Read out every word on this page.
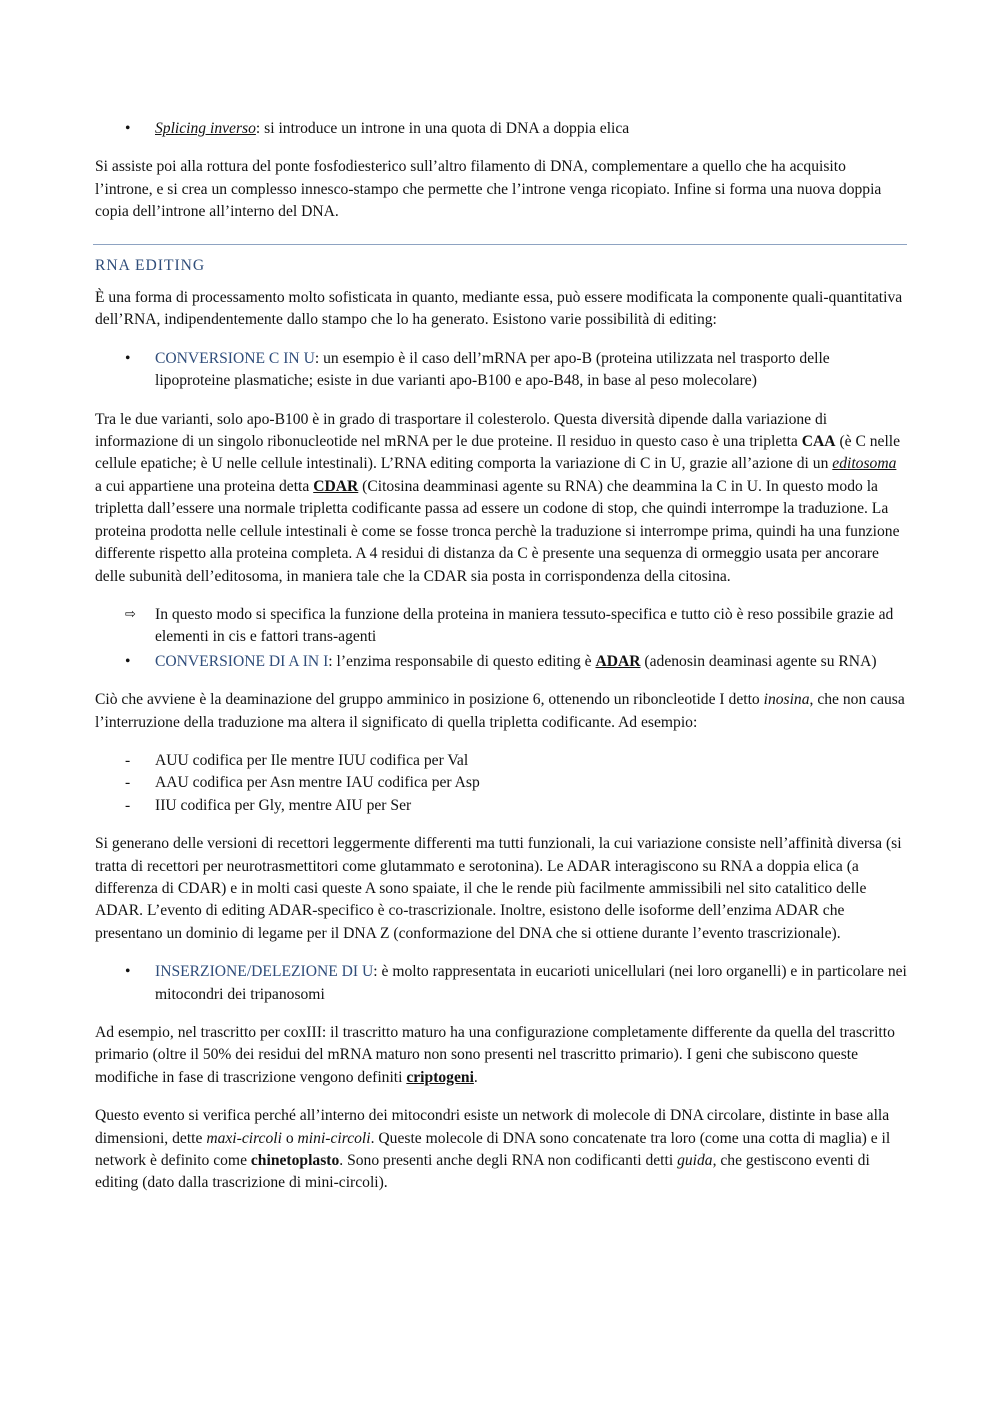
• Splicing inverso: si introduce un introne in una quota di DNA a doppia elica

Si assiste poi alla rottura del ponte fosfodiesterico sull’altro filamento di DNA, complementare a quello che ha acquisito l’introne, e si crea un complesso innesco-stampo che permette che l’introne venga ricopiato. Infine si forma una nuova doppia copia dell’introne all’interno del DNA.

RNA EDITING

È una forma di processamento molto sofisticata in quanto, mediante essa, può essere modificata la componente quali-quantitativa dell’RNA, indipendentemente dallo stampo che lo ha generato. Esistono varie possibilità di editing:

• CONVERSIONE C IN U: un esempio è il caso dell’mRNA per apo-B (proteina utilizzata nel trasporto delle lipoproteine plasmatiche; esiste in due varianti apo-B100 e apo-B48, in base al peso molecolare)

Tra le due varianti, solo apo-B100 è in grado di trasportare il colesterolo. Questa diversità dipende dalla variazione di informazione di un singolo ribonucleotide nel mRNA per le due proteine. Il residuo in questo caso è una tripletta CAA (è C nelle cellule epatiche; è U nelle cellule intestinali). L’RNA editing comporta la variazione di C in U, grazie all’azione di un editosoma a cui appartiene una proteina detta CDAR (Citosina deamminasi agente su RNA) che deammina la C in U. In questo modo la tripletta dall’essere una normale tripletta codificante passa ad essere un codone di stop, che quindi interrompe la traduzione. La proteina prodotta nelle cellule intestinali è come se fosse tronca perchè la traduzione si interrompe prima, quindi ha una funzione differente rispetto alla proteina completa. A 4 residui di distanza da C è presente una sequenza di ormeggio usata per ancorare delle subunità dell’editosoma, in maniera tale che la CDAR sia posta in corrispondenza della citosina.

⇨ In questo modo si specifica la funzione della proteina in maniera tessuto-specifica e tutto ciò è reso possibile grazie ad elementi in cis e fattori trans-agenti
• CONVERSIONE DI A IN I: l’enzima responsabile di questo editing è ADAR (adenosin deaminasi agente su RNA)

Ciò che avviene è la deaminazione del gruppo amminico in posizione 6, ottenendo un riboncleotide I detto inosina, che non causa l’interruzione della traduzione ma altera il significato di quella tripletta codificante. Ad esempio:

- AUU codifica per Ile mentre IUU codifica per Val
- AAU codifica per Asn mentre IAU codifica per Asp
- IIU codifica per Gly, mentre AIU per Ser

Si generano delle versioni di recettori leggermente differenti ma tutti funzionali, la cui variazione consiste nell’affinità diversa (si tratta di recettori per neurotrasmettitori come glutammato e serotonina). Le ADAR interagiscono su RNA a doppia elica (a differenza di CDAR) e in molti casi queste A sono spaiate, il che le rende più facilmente ammissibili nel sito catalitico delle ADAR. L’evento di editing ADAR-specifico è co-trascrizionale. Inoltre, esistono delle isoforme dell’enzima ADAR che presentano un dominio di legame per il DNA Z (conformazione del DNA che si ottiene durante l’evento trascrizionale).

• INSERZIONE/DELEZIONE DI U: è molto rappresentata in eucarioti unicellulari (nei loro organelli) e in particolare nei mitocondri dei tripanosomi

Ad esempio, nel trascritto per coxIII: il trascritto maturo ha una configurazione completamente differente da quella del trascritto primario (oltre il 50% dei residui del mRNA maturo non sono presenti nel trascritto primario). I geni che subiscono queste modifiche in fase di trascrizione vengono definiti criptogeni.

Questo evento si verifica perché all’interno dei mitocondri esiste un network di molecole di DNA circolare, distinte in base alla dimensioni, dette maxi-circoli o mini-circoli. Queste molecole di DNA sono concatenate tra loro (come una cotta di maglia) e il network è definito come chinetoplasto. Sono presenti anche degli RNA non codificanti detti guida, che gestiscono eventi di editing (dato dalla trascrizione di mini-circoli).
